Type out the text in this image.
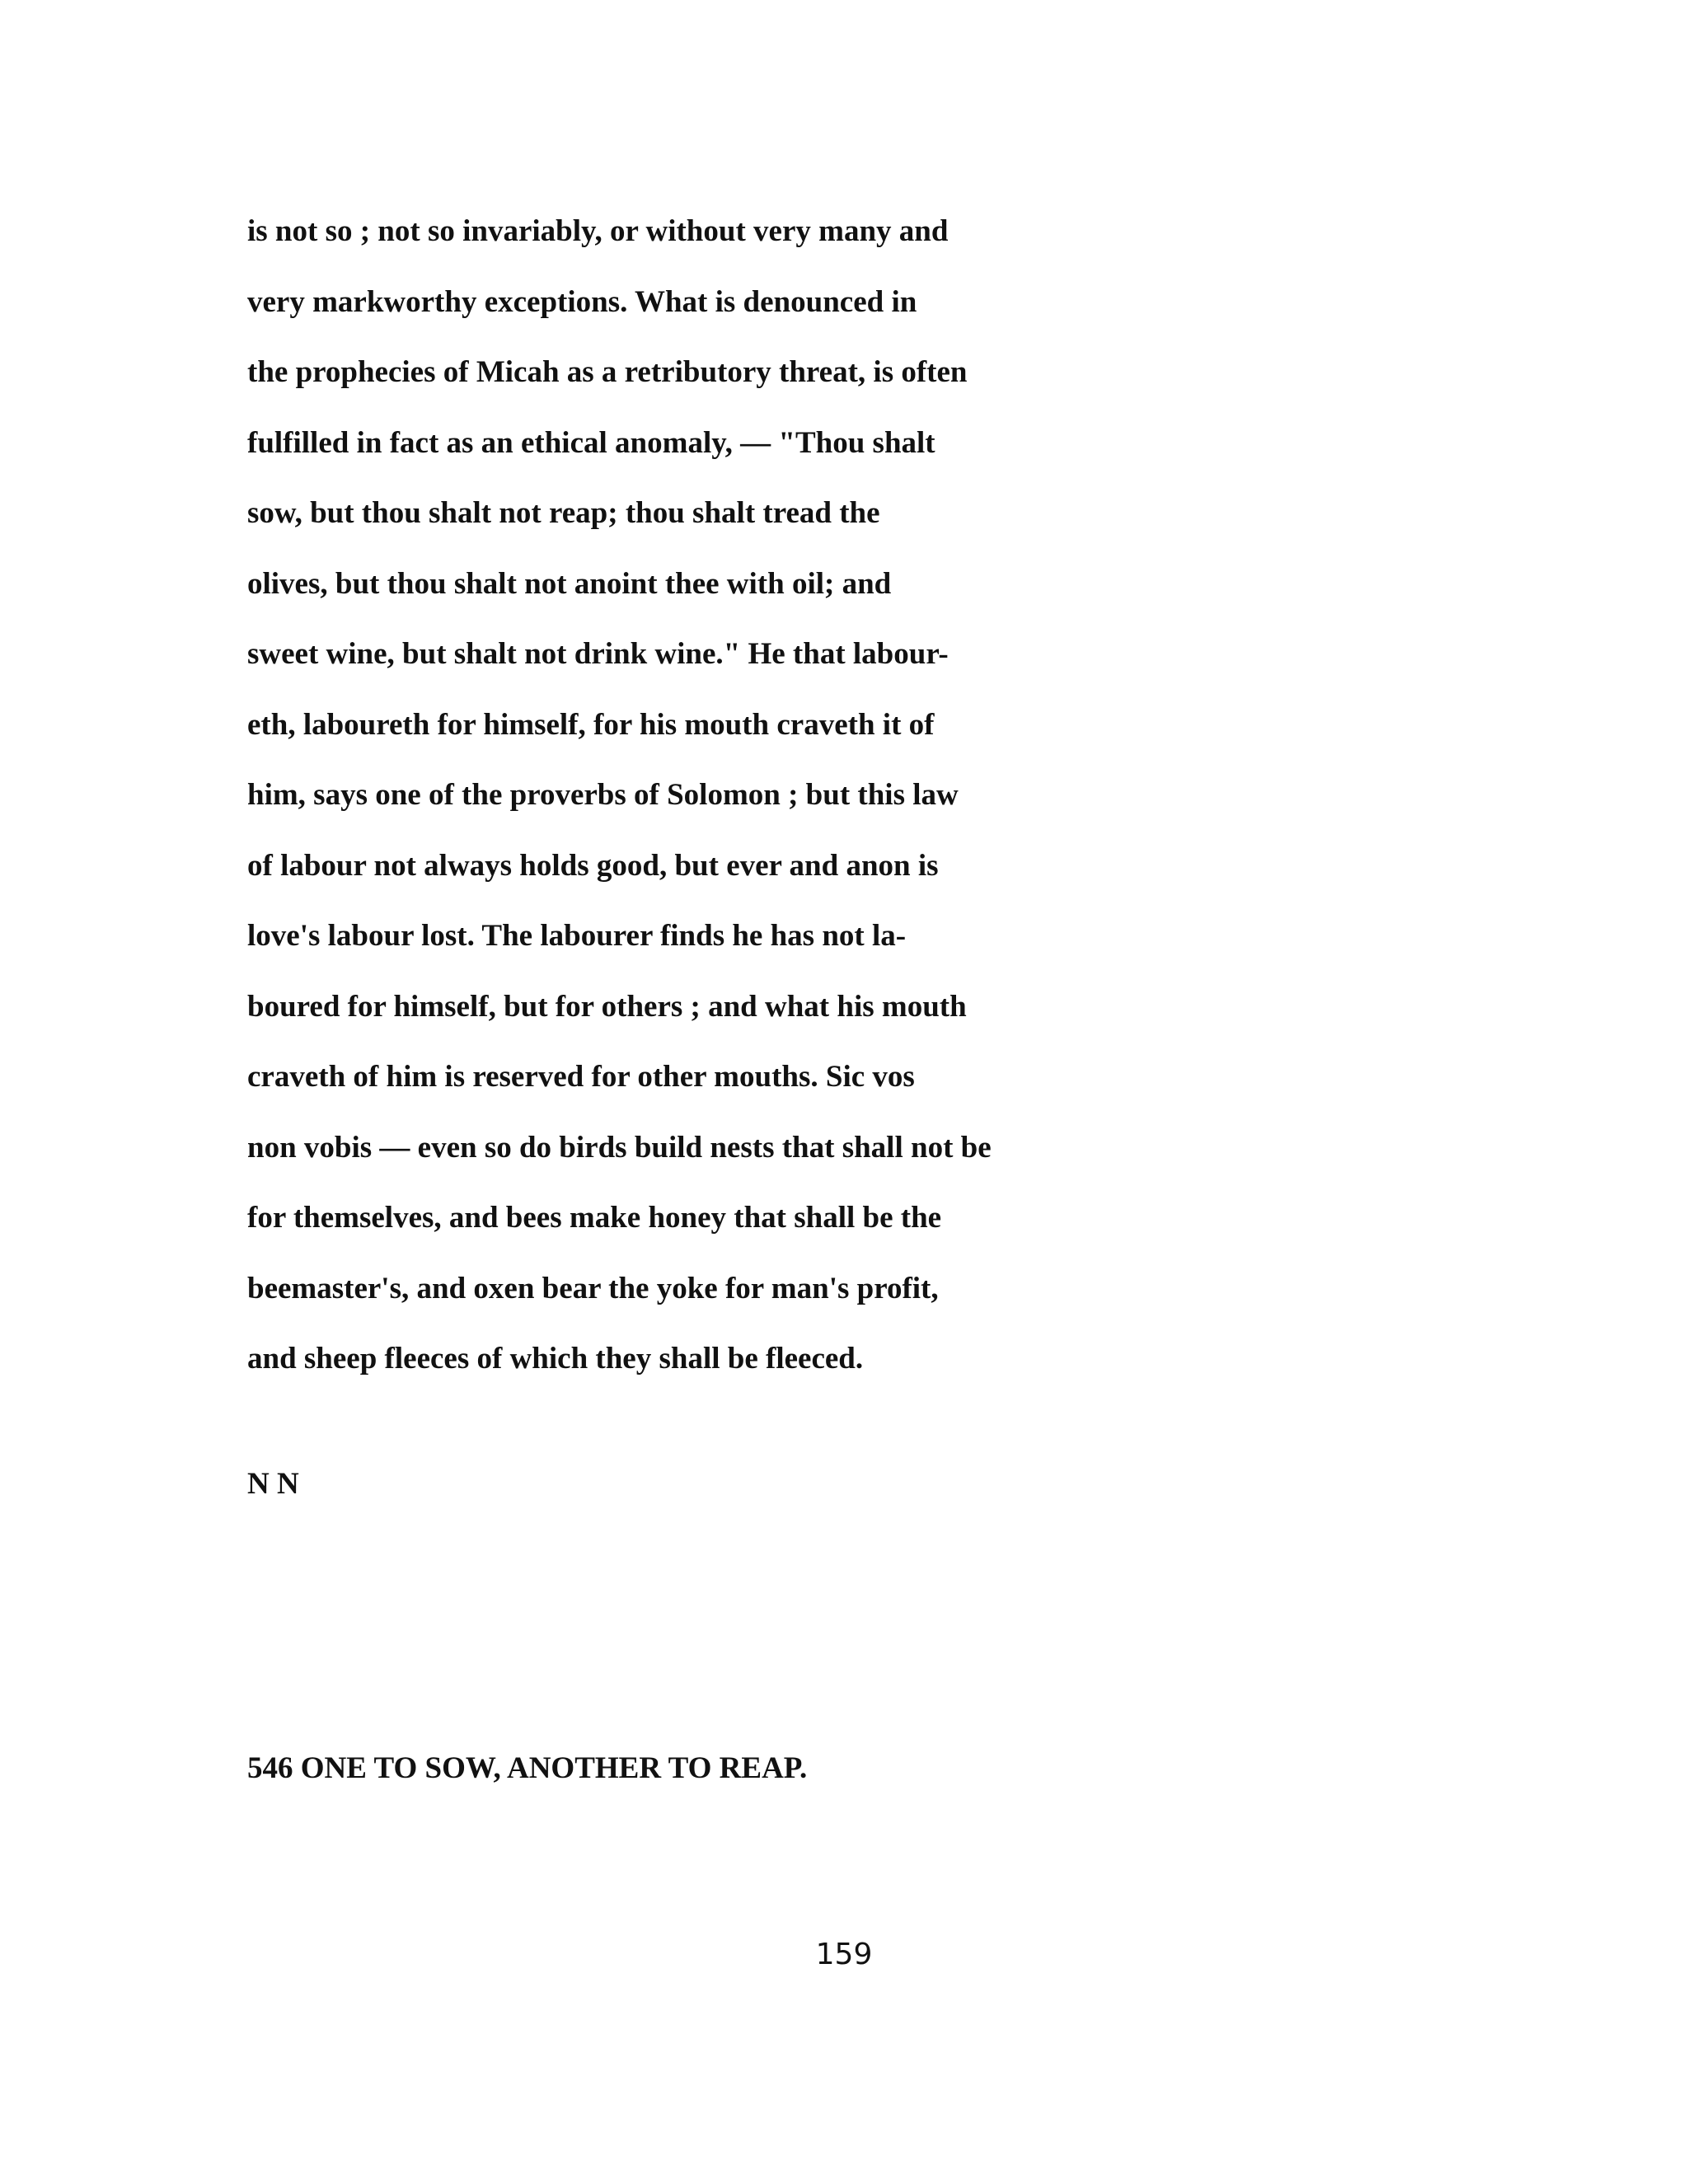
is not so ; not so invariably, or without very many and
very markworthy exceptions. What is denounced in
the prophecies of Micah as a retributory threat, is often
fulfilled in fact as an ethical anomaly, — "Thou shalt
sow, but thou shalt not reap; thou shalt tread the
olives, but thou shalt not anoint thee with oil; and
sweet wine, but shalt not drink wine." He that labour-
eth, laboureth for himself, for his mouth craveth it of
him, says one of the proverbs of Solomon ; but this law
of labour not always holds good, but ever and anon is
love's labour lost. The labourer finds he has not la-
boured for himself, but for others ; and what his mouth
craveth of him is reserved for other mouths. Sic vos
non vobis — even so do birds build nests that shall not be
for themselves, and bees make honey that shall be the
beemaster's, and oxen bear the yoke for man's profit,
and sheep fleeces of which they shall be fleeced.
N N
546 ONE TO SOW, ANOTHER TO REAP.
159
